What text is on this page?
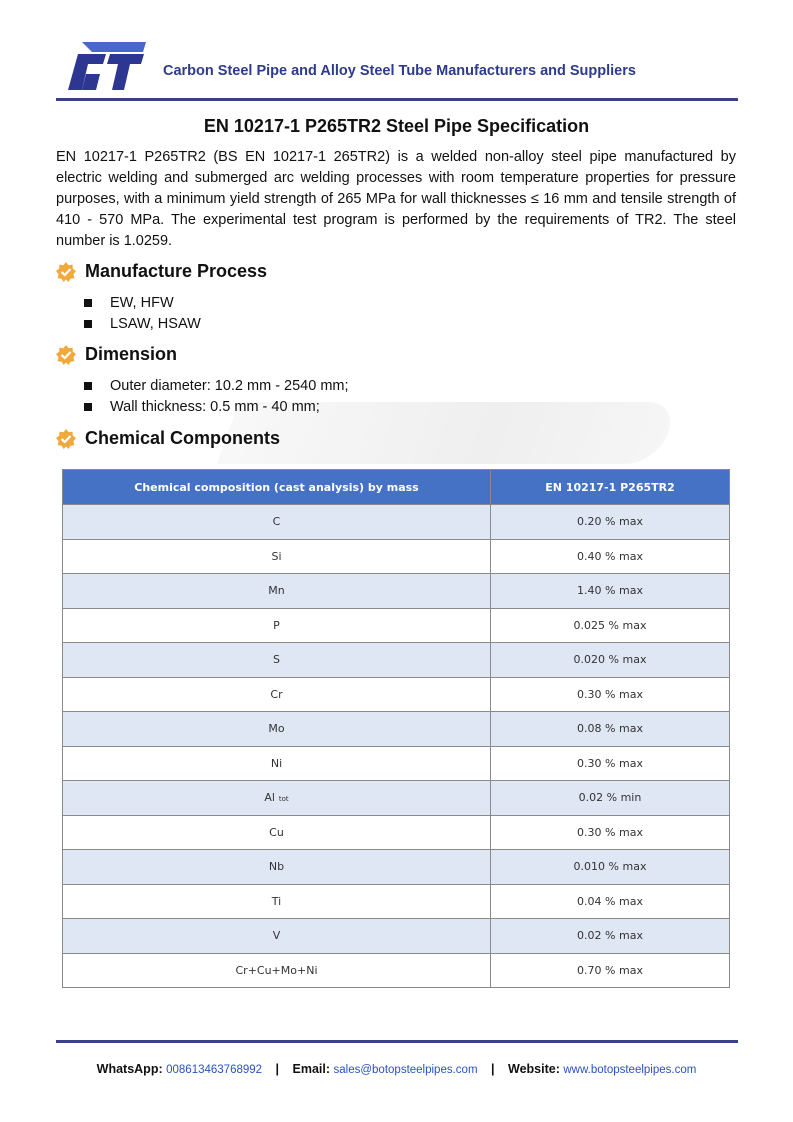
Carbon Steel Pipe and Alloy Steel Tube Manufacturers and Suppliers
EN 10217-1 P265TR2 Steel Pipe Specification

EN 10217-1 P265TR2 (BS EN 10217-1 265TR2) is a welded non-alloy steel pipe manufactured by electric welding and submerged arc welding processes with room temperature properties for pressure purposes, with a minimum yield strength of 265 MPa for wall thicknesses ≤ 16 mm and tensile strength of 410 - 570 MPa. The experimental test program is performed by the requirements of TR2. The steel number is 1.0259.

Manufacture Process
EW, HFW
LSAW, HSAW
Dimension
Outer diameter: 10.2 mm - 2540 mm;
Wall thickness: 0.5 mm - 40 mm;
Chemical Components
Chemical composition (cast analysis) by mass	EN 10217-1 P265TR2
C	0.20 % max
Si	0.40 % max
Mn	1.40 % max
P	0.025 % max
S	0.020 % max
Cr	0.30 % max
Mo	0.08 % max
Ni	0.30 % max
Al tot	0.02 % min
Cu	0.30 % max
Nb	0.010 % max
Ti	0.04 % max
V	0.02 % max
Cr+Cu+Mo+Ni	0.70 % max
WhatsApp: 008613463768992 | Email: sales@botopsteelpipes.com | Website: www.botopsteelpipes.com
